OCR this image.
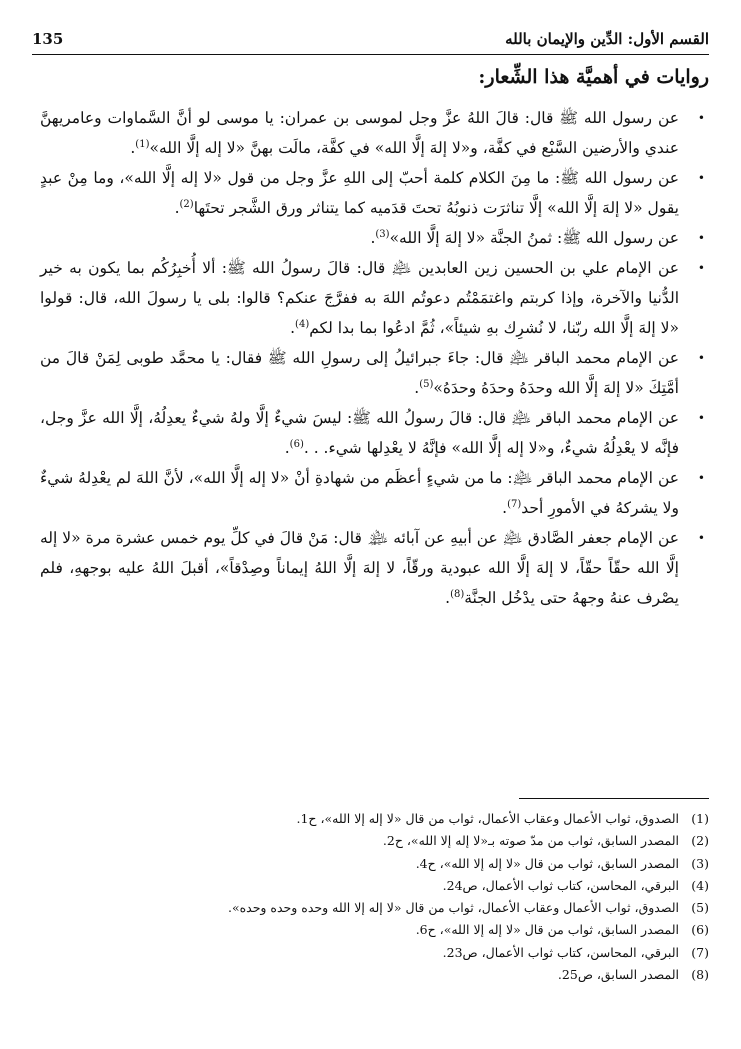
135	القسم الأول: الدِّين والإيمان بالله
روايات في أهميَّة هذا الشِّعار:
•
عن رسول الله ﷺ قال: قالَ اللهُ عزَّ وجل لموسى بن عمران: يا موسى لو أنَّ السَّماوات وعامريهنَّ عندي والأرضين السَّبْع في كفَّة، و«لا إلهَ إلَّا الله» في كفَّة، مالَت بهنَّ «لا إله إلَّا الله»$^{(1)}$.
•
عن رسول الله ﷺ: ما مِنَ الكلام كلمة أحبّ إلى اللهِ عزَّ وجل من قول «لا إله إلَّا الله»، وما مِنْ عبدٍ يقول «لا إلهَ إلَّا الله» إلَّا تناثرَت ذنوبُهُ تحتَ قدَميه كما يتناثر ورق الشَّجر تحتَها$^{(2)}$.
•
عن رسول الله ﷺ: ثمنُ الجنَّة «لا إلهَ إلَّا الله»$^{(3)}$.
•
عن الإمام علي بن الحسين زين العابدين ﵇ قال: قالَ رسولُ الله ﷺ: ألا أُخبِرُكُم بما يكون به خير الدُّنيا والآخرة، وإذا كربتم واغتمَمْتُم دعوتُم اللهَ به ففرَّجَ عنكم؟ قالوا: بلى يا رسولَ الله، قال: قولوا «لا إلهَ إلَّا الله ربّنا، لا نُشرِك بهِ شيئاً»، ثُمَّ ادعُوا بما بدا لكم$^{(4)}$.
•
عن الإمام محمد الباقر ﵇ قال: جاءَ جبرائيلُ إلى رسولِ الله ﷺ فقال: يا محمَّد طوبى لِمَنْ قالَ من أمَّتِكَ «لا إلهَ إلَّا الله وحدَهُ وحدَهُ وحدَهُ»$^{(5)}$.
•
عن الإمام محمد الباقر ﵇ قال: قالَ رسولُ الله ﷺ: ليسَ شيءٌ إلَّا ولهُ شيءٌ يعدِلُهُ، إلَّا الله عزَّ وجل، فإنَّه لا يعْدِلُهُ شيءٌ، و«لا إله إلَّا الله» فإنَّهُ لا يعْدِلها شيء. . .$^{(6)}$.
•
عن الإمام محمد الباقر ﵇: ما من شيءٍ أعظَم من شهادةِ أنْ «لا إله إلَّا الله»، لأنَّ اللهَ لم يعْدِلهُ شيءٌ ولا يشركهُ في الأمورِ أحد$^{(7)}$.
•
عن الإمام جعفر الصَّادق ﵇ عن أبيهِ عن آبائه ﵈ قال: مَنْ قالَ في كلِّ يوم خمس عشرة مرة «لا إله إلَّا الله حقّاً حقّاً، لا إلهَ إلَّا الله عبودية ورقّاً، لا إلهَ إلَّا اللهُ إيماناً وصِدْقاً»، أقبلَ اللهُ عليه بوجههِ، فلم يصْرف عنهُ وجههُ حتى يدْخُل الجنَّة$^{(8)}$.
(1)
الصدوق، ثواب الأعمال وعقاب الأعمال، ثواب من قال «لا إله إلا الله»، ح1.
(2)
المصدر السابق، ثواب من مدّ صوته بـ«لا إله إلا الله»، ح2.
(3)
المصدر السابق، ثواب من قال «لا إله إلا الله»، ح4.
(4)
البرقي، المحاسن، كتاب ثواب الأعمال، ص24.
(5)
الصدوق، ثواب الأعمال وعقاب الأعمال، ثواب من قال «لا إله إلا الله وحده وحده وحده».
(6)
المصدر السابق، ثواب من قال «لا إله إلا الله»، ح6.
(7)
البرقي، المحاسن، كتاب ثواب الأعمال، ص23.
(8)
المصدر السابق، ص25.
